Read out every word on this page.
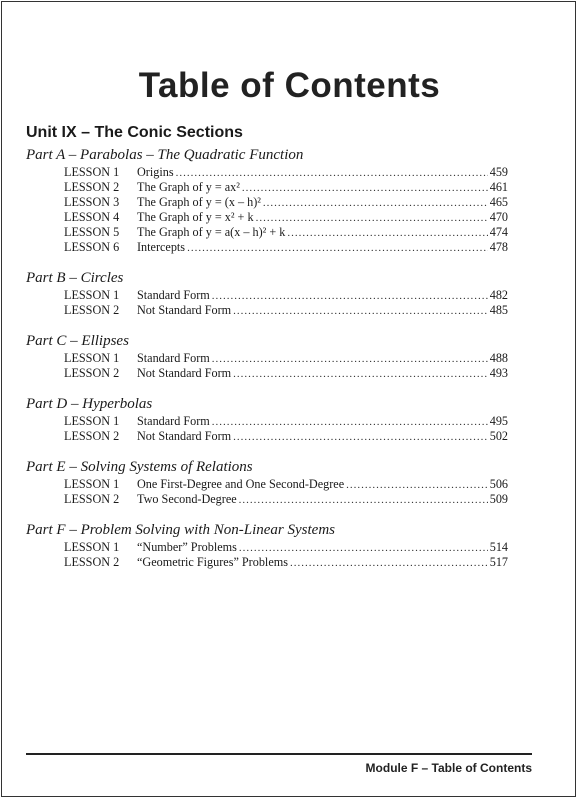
Table of Contents
Unit IX – The Conic Sections
Part A – Parabolas – The Quadratic Function
LESSON 1	Origins .....	459
LESSON 2	The Graph of y = ax² .....	461
LESSON 3	The Graph of y = (x – h)² .....	465
LESSON 4	The Graph of y = x² + k .....	470
LESSON 5	The Graph of y = a(x – h)² + k .....	474
LESSON 6	Intercepts .....	478
Part B – Circles
LESSON 1	Standard Form .....	482
LESSON 2	Not Standard Form .....	485
Part C – Ellipses
LESSON 1	Standard Form .....	488
LESSON 2	Not Standard Form .....	493
Part D – Hyperbolas
LESSON 1	Standard Form .....	495
LESSON 2	Not Standard Form .....	502
Part E – Solving Systems of Relations
LESSON 1	One First-Degree and One Second-Degree .....	506
LESSON 2	Two Second-Degree .....	509
Part F – Problem Solving with Non-Linear Systems
LESSON 1	“Number” Problems .....	514
LESSON 2	“Geometric Figures” Problems .....	517
Module F – Table of Contents
